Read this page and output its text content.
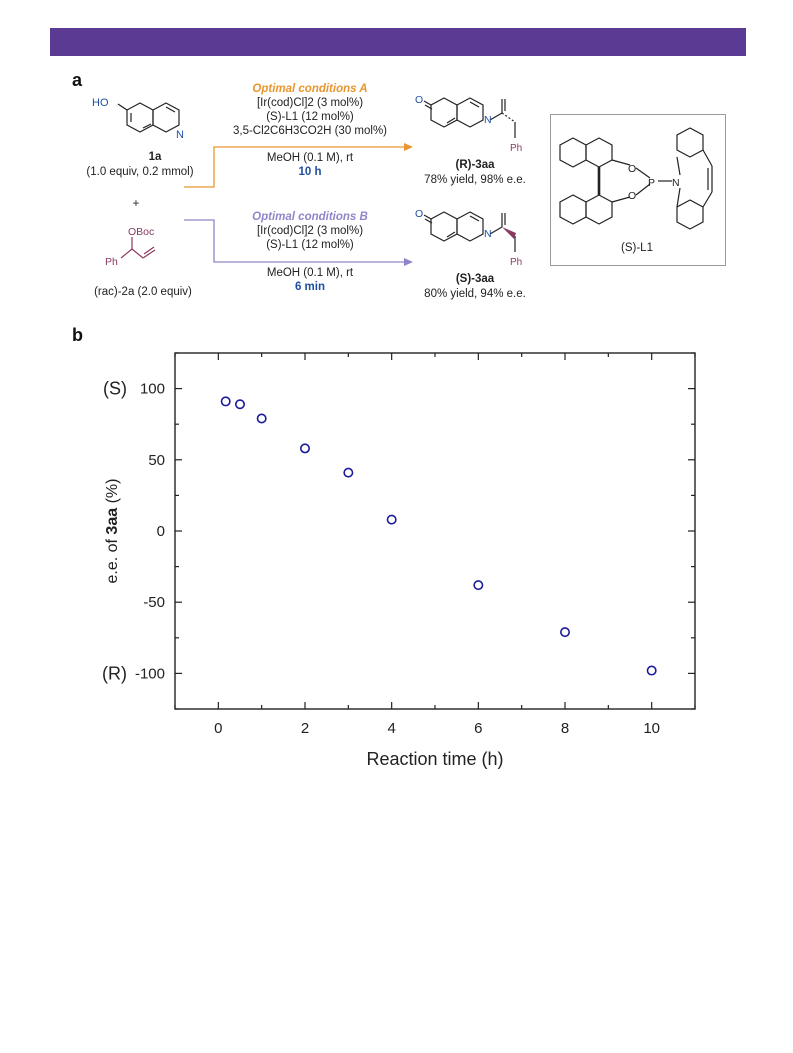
a
HO
N
OBoc
Ph
O
N
Ph
O
N
Ph
O
O
P N
1a
(1.0 equiv, 0.2 mmol)
+
(rac)-2a (2.0 equiv)
Optimal conditions A
[Ir(cod)Cl]2 (3 mol%)
(S)-L1 (12 mol%)
3,5-Cl2C6H3CO2H (30 mol%)
MeOH (0.1 M), rt
10 h
Optimal conditions B
[Ir(cod)Cl]2 (3 mol%)
(S)-L1 (12 mol%)
MeOH (0.1 M), rt
6 min
(R)-3aa
78% yield, 98% e.e.
(S)-3aa
80% yield, 94% e.e.
(S)-L1
b
0	2	4	6	8	10
100
50
0
-50
-100
Reaction time (h)
e.e. of 3aa (%)
(S)
(R)
